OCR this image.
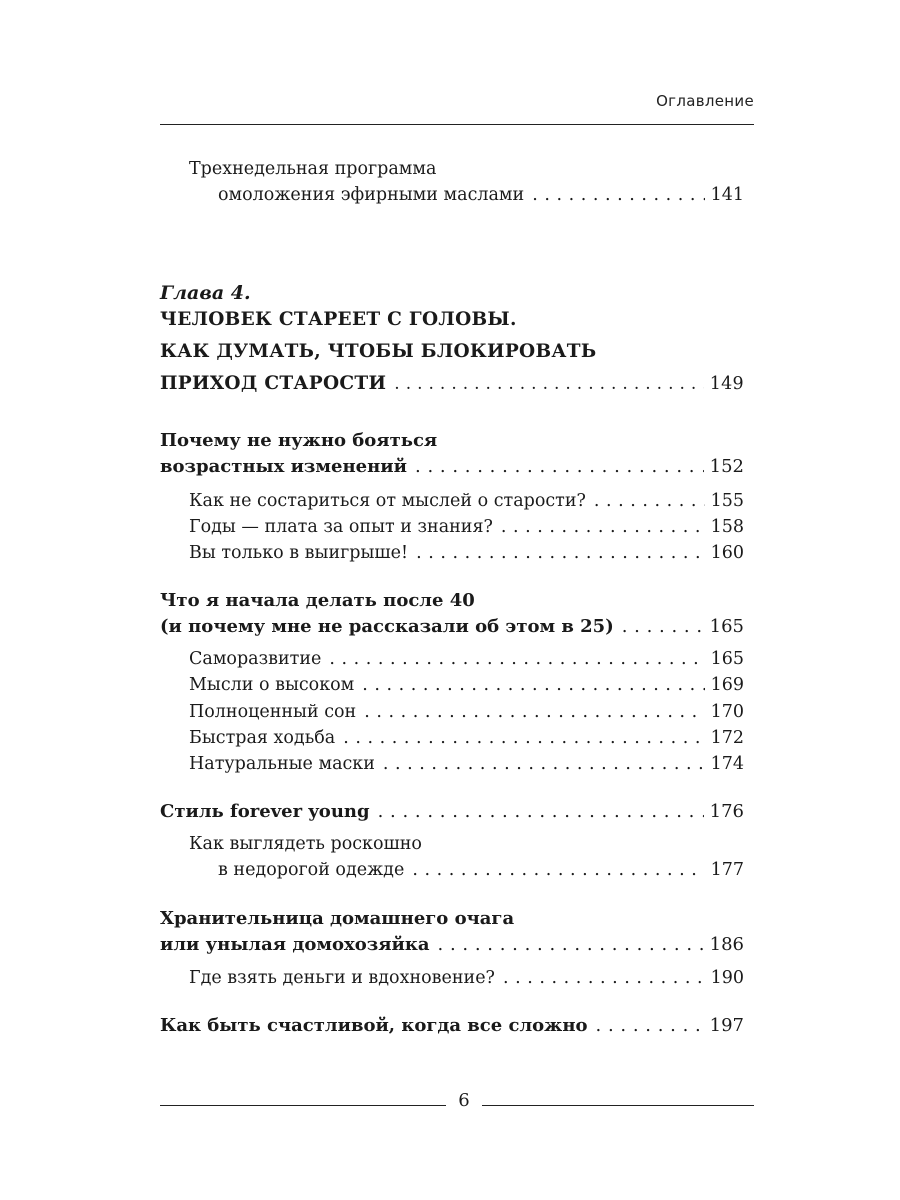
Оглавление
Трехнедельная программа
омоложения эфирными маслами . . .	141
Глава 4.
ЧЕЛОВЕК СТАРЕЕТ С ГОЛОВЫ.
КАК ДУМАТЬ, ЧТОБЫ БЛОКИРОВАТЬ
ПРИХОД СТАРОСТИ . . .	149
Почему не нужно бояться
возрастных изменений . . .	152
Как не состариться от мыслей о старости? . . .	155
Годы — плата за опыт и знания? . . .	158
Вы только в выигрыше! . . .	160
Что я начала делать после 40
(и почему мне не рассказали об этом в 25) . . .	165
Саморазвитие . . .	165
Мысли о высоком . . .	169
Полноценный сон . . .	170
Быстрая ходьба . . .	172
Натуральные маски . . .	174
Стиль forever young . . .	176
Как выглядеть роскошно
в недорогой одежде . . .	177
Хранительница домашнего очага
или унылая домохозяйка . . .	186
Где взять деньги и вдохновение? . . .	190
Как быть счастливой, когда все сложно . . .	197
6
